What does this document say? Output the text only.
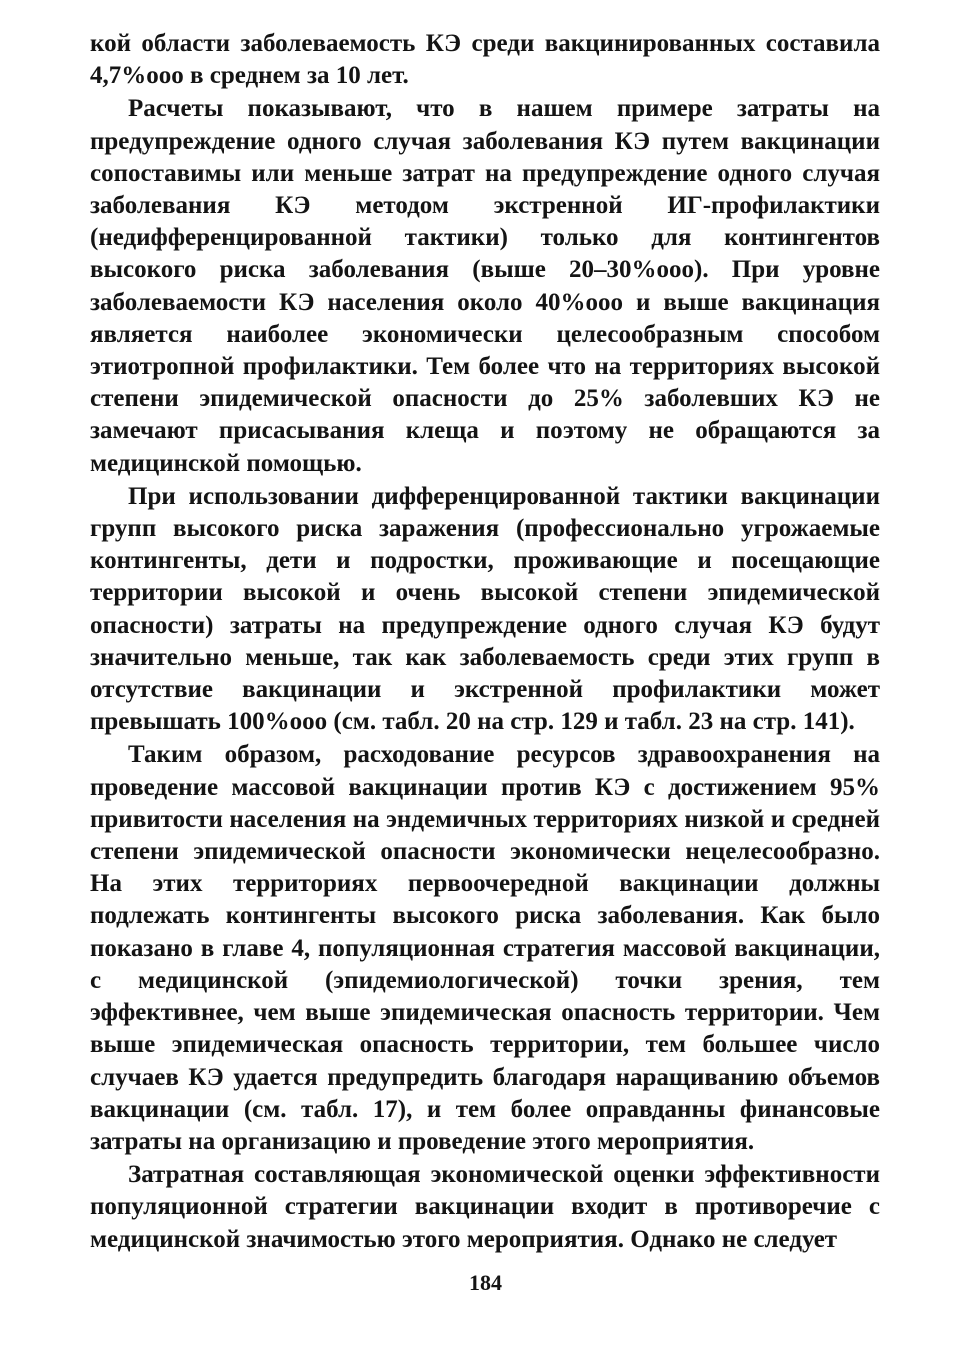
кой области заболеваемость КЭ среди вакцинированных составила 4,7%ооо в среднем за 10 лет.

Расчеты показывают, что в нашем примере затраты на предупреждение одного случая заболевания КЭ путем вакцинации сопоставимы или меньше затрат на предупреждение одного случая заболевания КЭ методом экстренной ИГ-профилактики (недифференцированной тактики) только для контингентов высокого риска заболевания (выше 20–30%ооо). При уровне заболеваемости КЭ населения около 40%ооо и выше вакцинация является наиболее экономически целесообразным способом этиотропной профилактики. Тем более что на территориях высокой степени эпидемической опасности до 25% заболевших КЭ не замечают присасывания клеща и поэтому не обращаются за медицинской помощью.

При использовании дифференцированной тактики вакцинации групп высокого риска заражения (профессионально угрожаемые контингенты, дети и подростки, проживающие и посещающие территории высокой и очень высокой степени эпидемической опасности) затраты на предупреждение одного случая КЭ будут значительно меньше, так как заболеваемость среди этих групп в отсутствие вакцинации и экстренной профилактики может превышать 100%ооо (см. табл. 20 на стр. 129 и табл. 23 на стр. 141).

Таким образом, расходование ресурсов здравоохранения на проведение массовой вакцинации против КЭ с достижением 95% привитости населения на эндемичных территориях низкой и средней степени эпидемической опасности экономически нецелесообразно. На этих территориях первоочередной вакцинации должны подлежать контингенты высокого риска заболевания. Как было показано в главе 4, популяционная стратегия массовой вакцинации, с медицинской (эпидемиологической) точки зрения, тем эффективнее, чем выше эпидемическая опасность территории. Чем выше эпидемическая опасность территории, тем большее число случаев КЭ удается предупредить благодаря наращиванию объемов вакцинации (см. табл. 17), и тем более оправданны финансовые затраты на организацию и проведение этого мероприятия.

Затратная составляющая экономической оценки эффективности популяционной стратегии вакцинации входит в противоречие с медицинской значимостью этого мероприятия. Однако не следует

184
